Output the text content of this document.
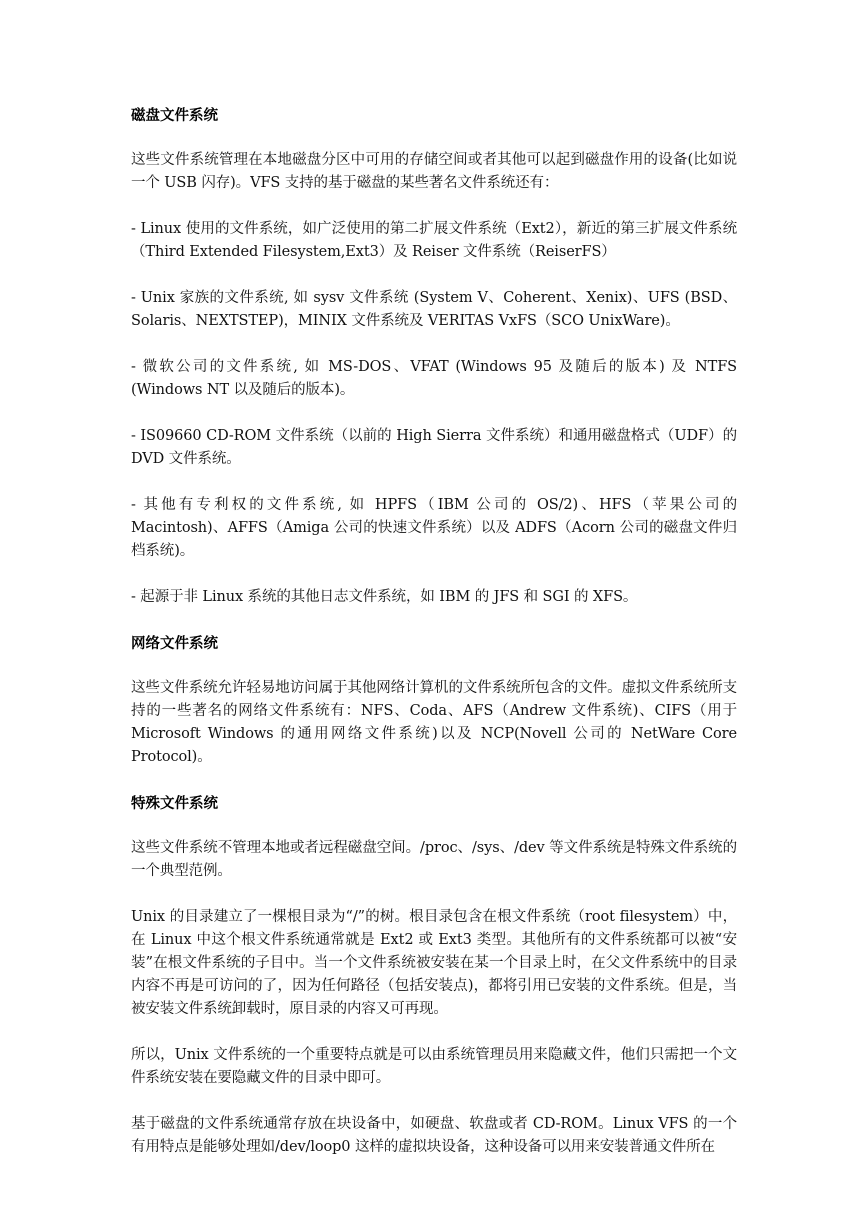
磁盘文件系统

这些文件系统管理在本地磁盘分区中可用的存储空间或者其他可以起到磁盘作用的设备(比如说一个 USB 闪存)。VFS 支持的基于磁盘的某些著名文件系统还有：

- Linux 使用的文件系统，如广泛使用的第二扩展文件系统（Ext2），新近的第三扩展文件系统（Third Extended Filesystem,Ext3）及 Reiser 文件系统（ReiserFS）

- Unix 家族的文件系统, 如 sysv 文件系统 (System V、Coherent、Xenix)、UFS (BSD、Solaris、NEXTSTEP)，MINIX 文件系统及 VERITAS VxFS（SCO UnixWare)。

- 微软公司的文件系统, 如 MS-DOS、VFAT (Windows 95 及随后的版本) 及 NTFS (Windows NT 以及随后的版本)。

- IS09660 CD-ROM 文件系统（以前的 High Sierra 文件系统）和通用磁盘格式（UDF）的 DVD 文件系统。

- 其他有专利权的文件系统, 如 HPFS（IBM 公司的 OS/2)、HFS（苹果公司的 Macintosh)、AFFS（Amiga 公司的快速文件系统）以及 ADFS（Acorn 公司的磁盘文件归档系统)。

- 起源于非 Linux 系统的其他日志文件系统，如 IBM 的 JFS 和 SGI 的 XFS。

网络文件系统

这些文件系统允许轻易地访问属于其他网络计算机的文件系统所包含的文件。虚拟文件系统所支持的一些著名的网络文件系统有：NFS、Coda、AFS（Andrew 文件系统)、CIFS（用于 Microsoft Windows 的通用网络文件系统)以及 NCP(Novell 公司的 NetWare Core Protocol)。

特殊文件系统

这些文件系统不管理本地或者远程磁盘空间。/proc、/sys、/dev 等文件系统是特殊文件系统的一个典型范例。

Unix 的目录建立了一棵根目录为“/”的树。根目录包含在根文件系统（root filesystem）中，在 Linux 中这个根文件系统通常就是 Ext2 或 Ext3 类型。其他所有的文件系统都可以被“安装”在根文件系统的子目中。当一个文件系统被安装在某一个目录上时，在父文件系统中的目录内容不再是可访问的了，因为任何路径（包括安装点)，都将引用已安装的文件系统。但是，当被安装文件系统卸载时，原目录的内容又可再现。

所以，Unix 文件系统的一个重要特点就是可以由系统管理员用来隐藏文件，他们只需把一个文件系统安装在要隐藏文件的目录中即可。

基于磁盘的文件系统通常存放在块设备中，如硬盘、软盘或者 CD-ROM。Linux VFS 的一个有用特点是能够处理如/dev/loop0 这样的虚拟块设备，这种设备可以用来安装普通文件所在
